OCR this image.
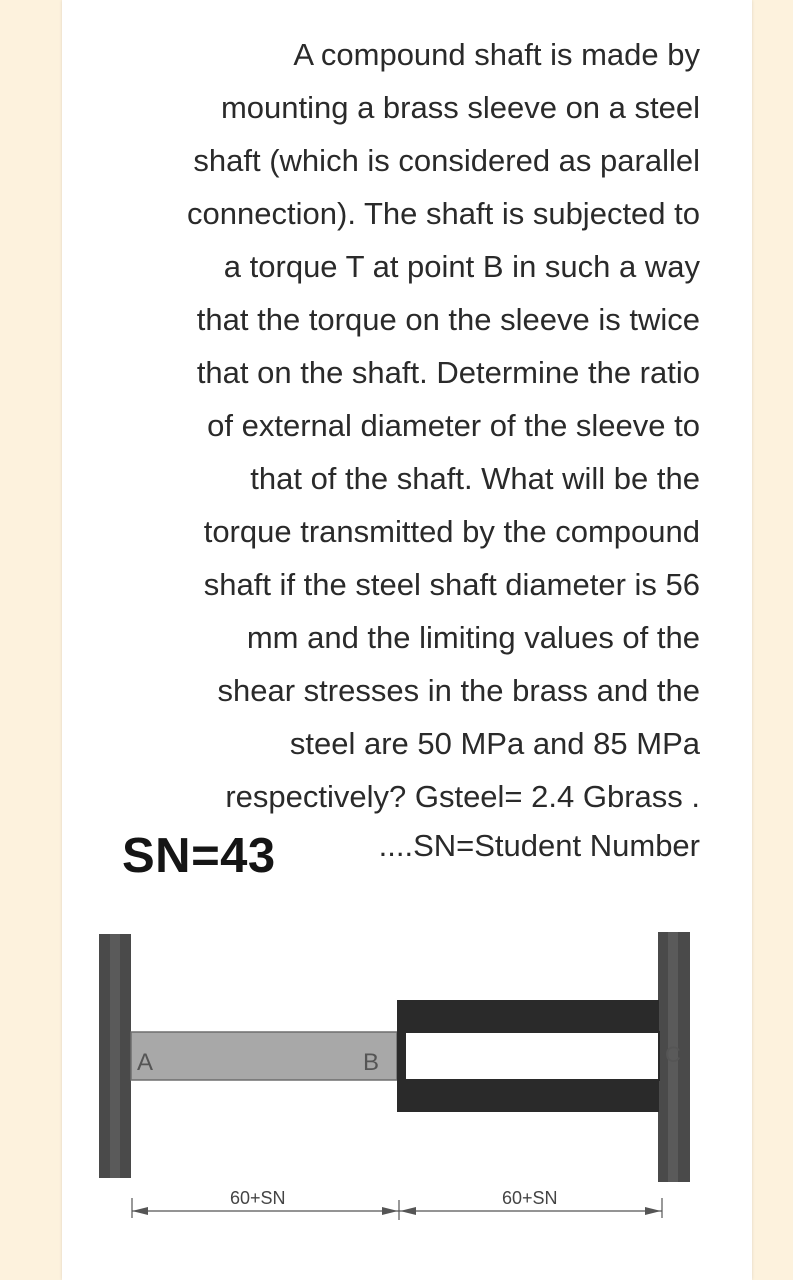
A compound shaft is made by
mounting a brass sleeve on a steel
shaft (which is considered as parallel
connection). The shaft is subjected to
a torque T at point B in such a way
that the torque on the sleeve is twice
that on the shaft. Determine the ratio
of external diameter of the sleeve to
that of the shaft. What will be the
torque transmitted by the compound
shaft if the steel shaft diameter is 56
mm and the limiting values of the
shear stresses in the brass and the
steel are 50 MPa and 85 MPa
respectively? Gsteel= 2.4 Gbrass .
SN=43	....SN=Student Number
A	B	C
60+SN	60+SN
